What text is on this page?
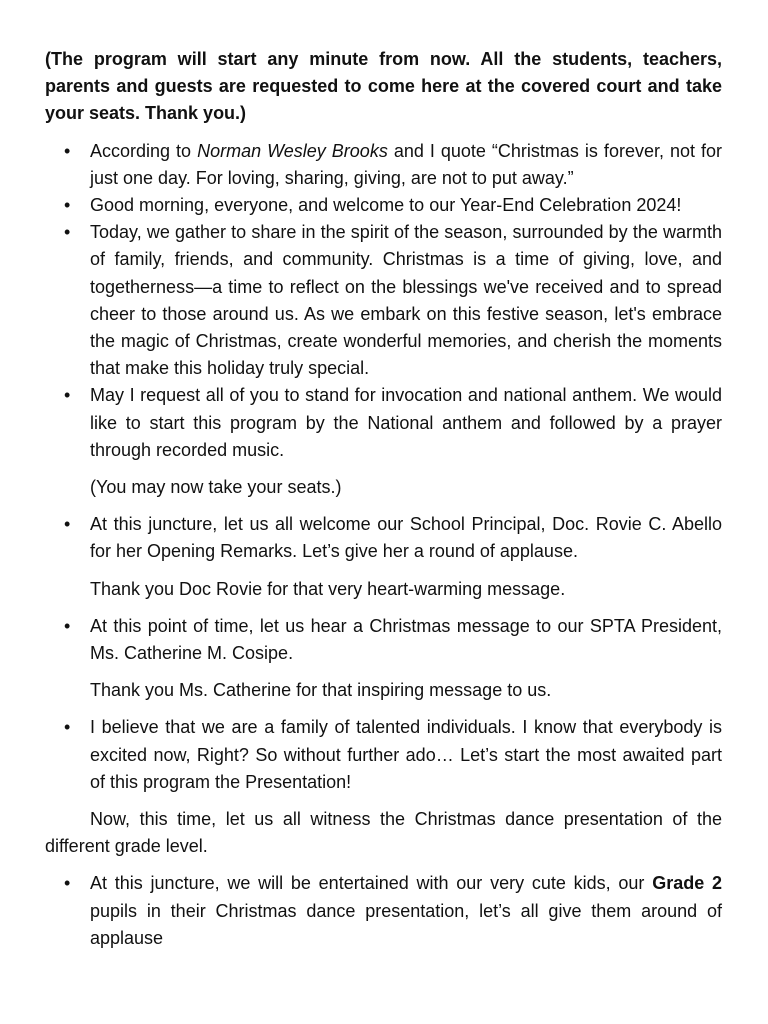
(The program will start any minute from now. All the students, teachers, parents and guests are requested to come here at the covered court and take your seats. Thank you.)

• According to Norman Wesley Brooks and I quote “Christmas is forever, not for just one day. For loving, sharing, giving, are not to put away.”
• Good morning, everyone, and welcome to our Year-End Celebration 2024!
• Today, we gather to share in the spirit of the season, surrounded by the warmth of family, friends, and community. Christmas is a time of giving, love, and togetherness—a time to reflect on the blessings we've received and to spread cheer to those around us. As we embark on this festive season, let's embrace the magic of Christmas, create wonderful memories, and cherish the moments that make this holiday truly special.
• May I request all of you to stand for invocation and national anthem. We would like to start this program by the National anthem and followed by a prayer through recorded music.

(You may now take your seats.)

• At this juncture, let us all welcome our School Principal, Doc. Rovie C. Abello for her Opening Remarks. Let’s give her a round of applause.

Thank you Doc Rovie for that very heart-warming message.

• At this point of time, let us hear a Christmas message to our SPTA President, Ms. Catherine M. Cosipe.

Thank you Ms. Catherine for that inspiring message to us.

• I believe that we are a family of talented individuals. I know that everybody is excited now, Right? So without further ado… Let’s start the most awaited part of this program the Presentation!

Now, this time, let us all witness the Christmas dance presentation of the different grade level.

• At this juncture, we will be entertained with our very cute kids, our Grade 2 pupils in their Christmas dance presentation, let’s all give them around of applause
